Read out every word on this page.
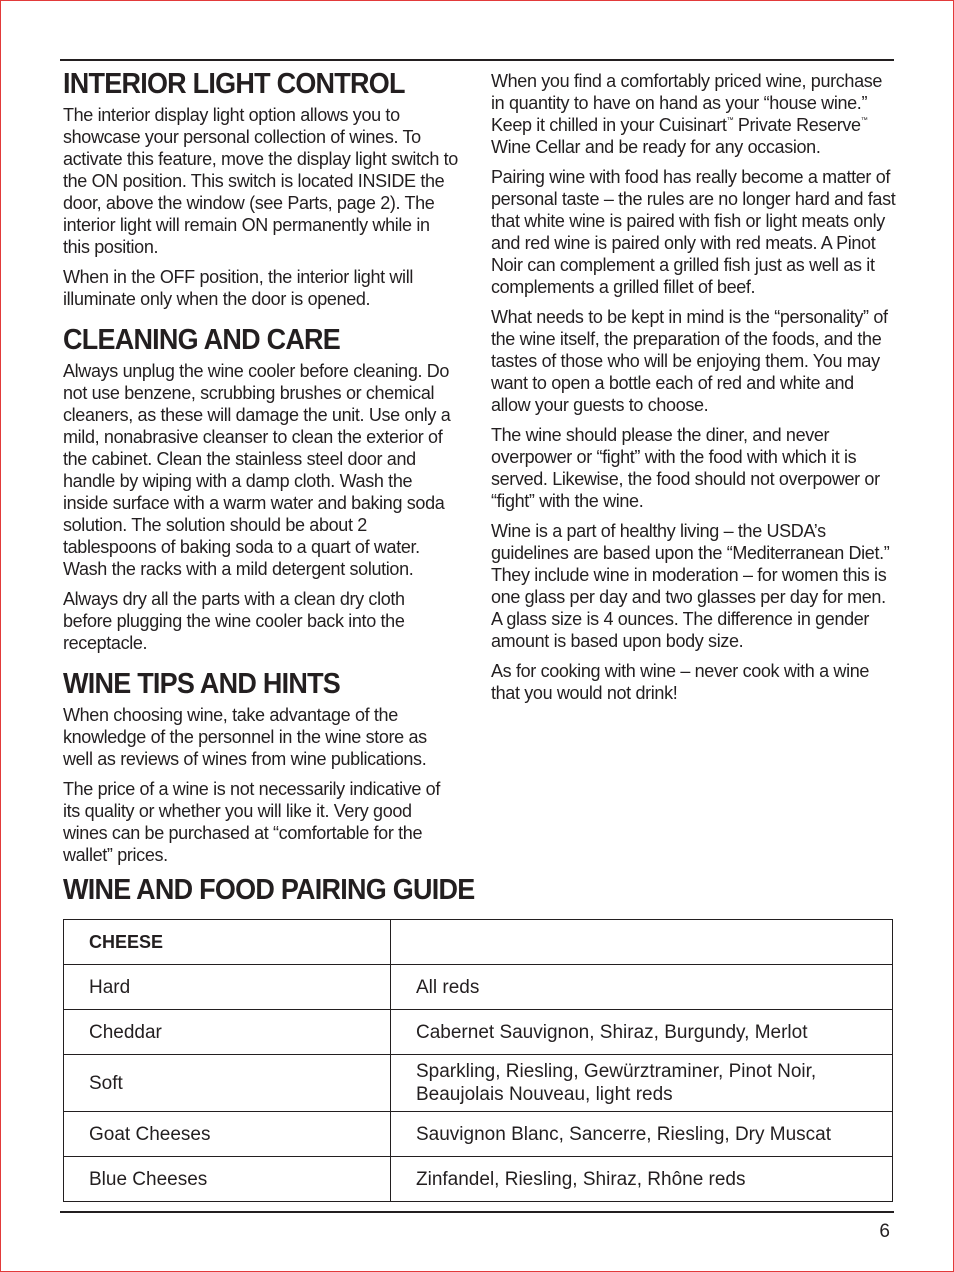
INTERIOR LIGHT CONTROL

The interior display light option allows you to showcase your personal collection of wines. To activate this feature, move the display light switch to the ON position. This switch is located INSIDE the door, above the window (see Parts, page 2). The interior light will remain ON permanently while in this position.

When in the OFF position, the interior light will illuminate only when the door is opened.

CLEANING AND CARE

Always unplug the wine cooler before cleaning. Do not use benzene, scrubbing brushes or chemical cleaners, as these will damage the unit. Use only a mild, nonabrasive cleanser to clean the exterior of the cabinet. Clean the stainless steel door and handle by wiping with a damp cloth. Wash the inside surface with a warm water and baking soda solution. The solution should be about 2 tablespoons of baking soda to a quart of water. Wash the racks with a mild detergent solution.

Always dry all the parts with a clean dry cloth before plugging the wine cooler back into the receptacle.

WINE TIPS AND HINTS

When choosing wine, take advantage of the knowledge of the personnel in the wine store as well as reviews of wines from wine publications.

The price of a wine is not necessarily indicative of its quality or whether you will like it. Very good wines can be purchased at “comfortable for the wallet” prices.

When you find a comfortably priced wine, purchase in quantity to have on hand as your “house wine.” Keep it chilled in your Cuisinart™ Private Reserve™ Wine Cellar and be ready for any occasion.

Pairing wine with food has really become a matter of personal taste – the rules are no longer hard and fast that white wine is paired with fish or light meats only and red wine is paired only with red meats. A Pinot Noir can complement a grilled fish just as well as it complements a grilled fillet of beef.

What needs to be kept in mind is the “personality” of the wine itself, the preparation of the foods, and the tastes of those who will be enjoying them. You may want to open a bottle each of red and white and allow your guests to choose.

The wine should please the diner, and never overpower or “fight” with the food with which it is served. Likewise, the food should not overpower or “fight” with the wine.

Wine is a part of healthy living – the USDA’s guidelines are based upon the “Mediterranean Diet.” They include wine in moderation – for women this is one glass per day and two glasses per day for men. A glass size is 4 ounces. The difference in gender amount is based upon body size.

As for cooking with wine – never cook with a wine that you would not drink!

WINE AND FOOD PAIRING GUIDE
CHEESE	
Hard	All reds
Cheddar	Cabernet Sauvignon, Shiraz, Burgundy, Merlot
Soft	Sparkling, Riesling, Gewürztraminer, Pinot Noir, Beaujolais Nouveau, light reds
Goat Cheeses	Sauvignon Blanc, Sancerre, Riesling, Dry Muscat
Blue Cheeses	Zinfandel, Riesling, Shiraz, Rhône reds
6
